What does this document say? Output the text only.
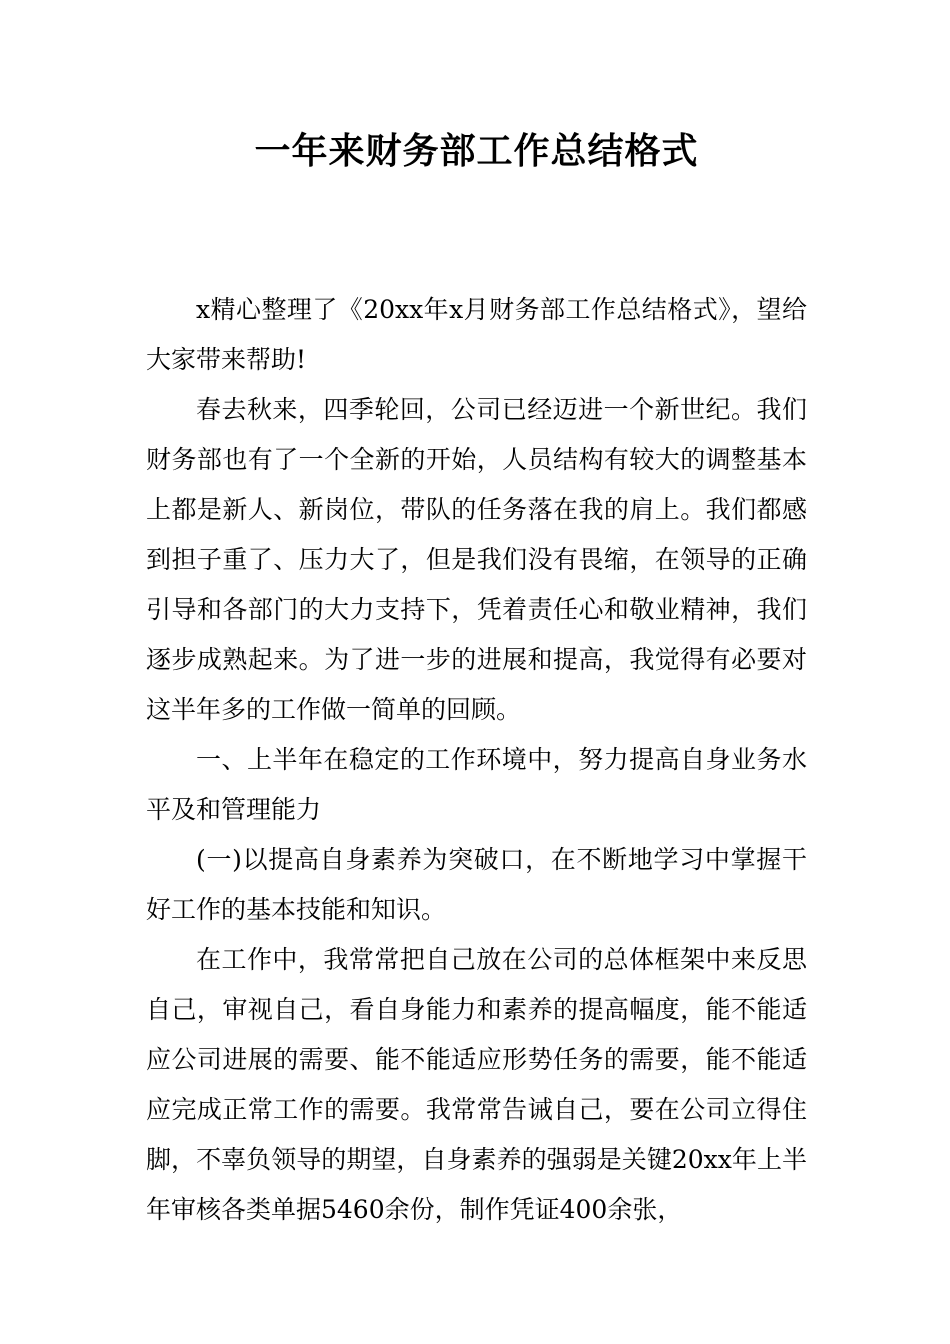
一年来财务部工作总结格式

x精心整理了《20xx年x月财务部工作总结格式》，望给大家带来帮助!

春去秋来，四季轮回，公司已经迈进一个新世纪。我们财务部也有了一个全新的开始，人员结构有较大的调整基本上都是新人、新岗位，带队的任务落在我的肩上。我们都感到担子重了、压力大了，但是我们没有畏缩，在领导的正确引导和各部门的大力支持下，凭着责任心和敬业精神，我们逐步成熟起来。为了进一步的进展和提高，我觉得有必要对这半年多的工作做一简单的回顾。

一、上半年在稳定的工作环境中，努力提高自身业务水平及和管理能力

(一)以提高自身素养为突破口，在不断地学习中掌握干好工作的基本技能和知识。

在工作中，我常常把自己放在公司的总体框架中来反思自己，审视自己，看自身能力和素养的提高幅度，能不能适应公司进展的需要、能不能适应形势任务的需要，能不能适应完成正常工作的需要。我常常告诫自己，要在公司立得住脚，不辜负领导的期望，自身素养的强弱是关键20xx年上半年审核各类单据5460余份，制作凭证400余张，
